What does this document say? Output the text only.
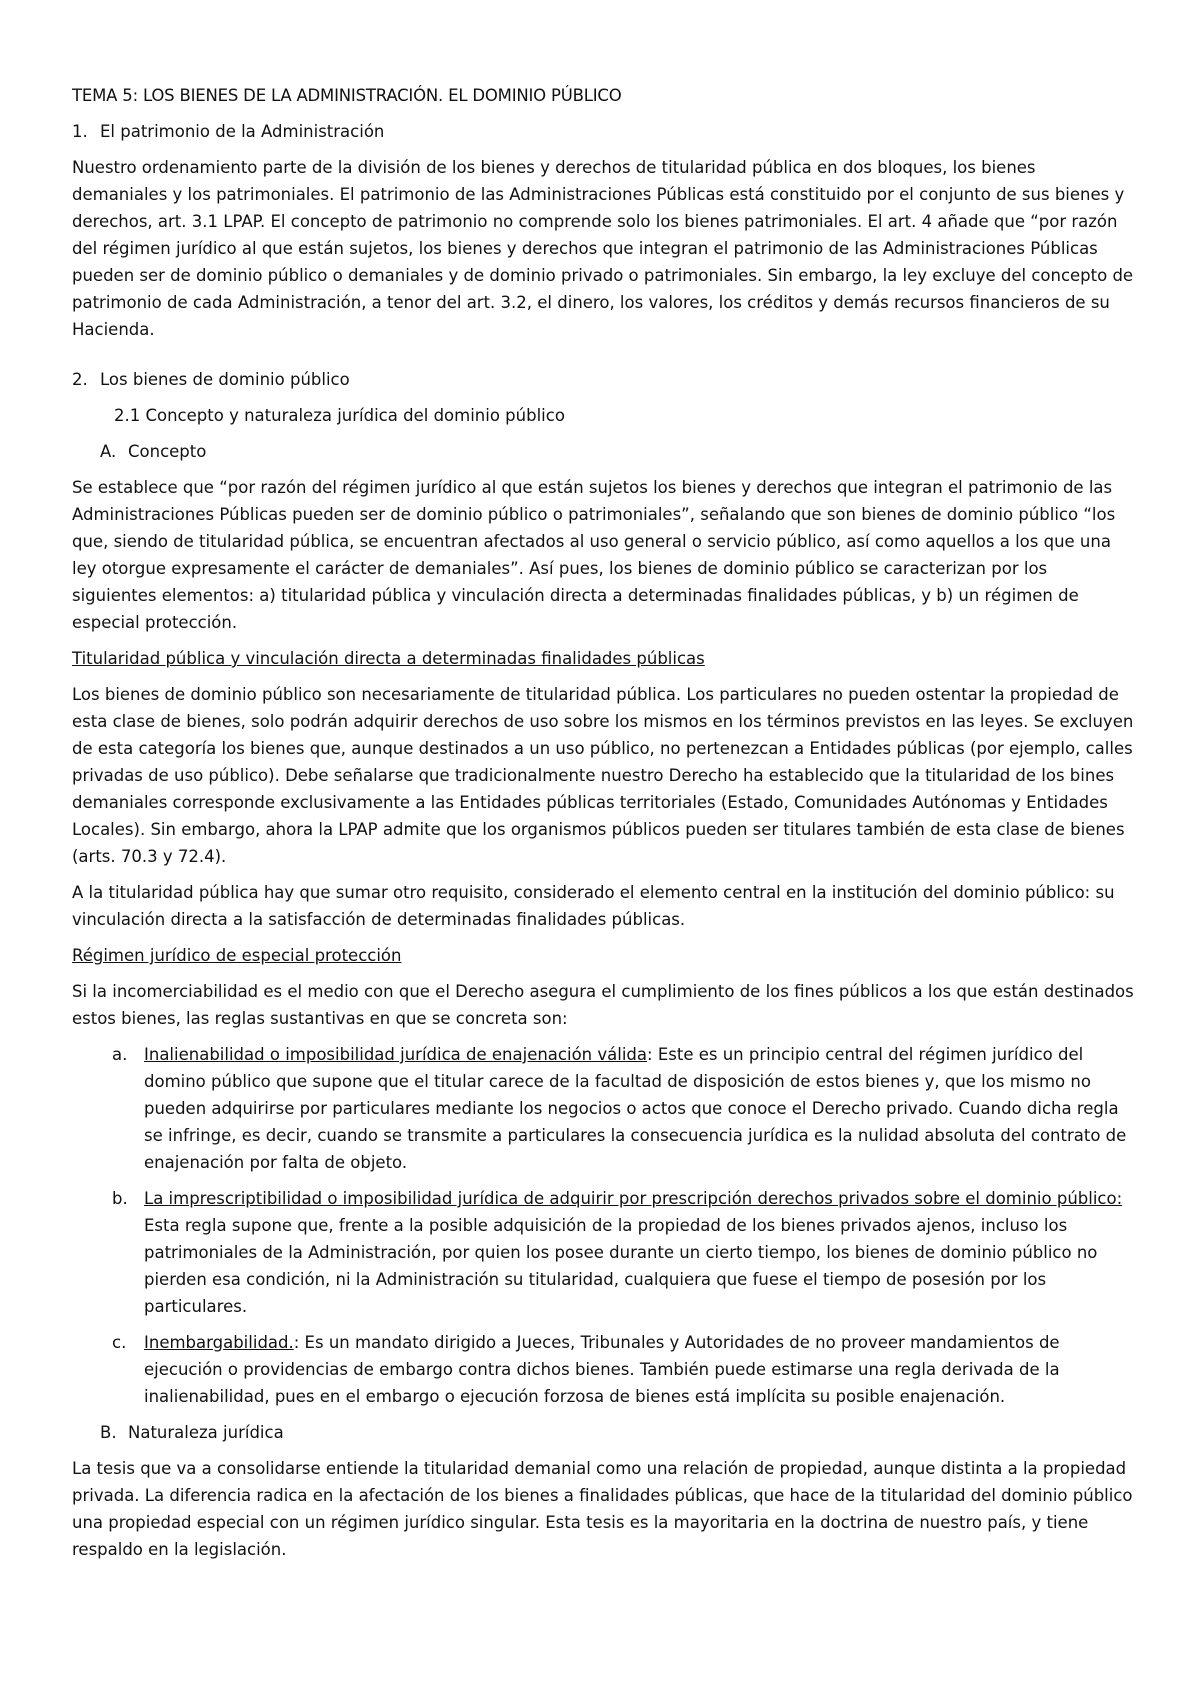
TEMA 5: LOS BIENES DE LA ADMINISTRACIÓN. EL DOMINIO PÚBLICO
1. El patrimonio de la Administración

Nuestro ordenamiento parte de la división de los bienes y derechos de titularidad pública en dos bloques, los bienes demaniales y los patrimoniales. El patrimonio de las Administraciones Públicas está constituido por el conjunto de sus bienes y derechos, art. 3.1 LPAP. El concepto de patrimonio no comprende solo los bienes patrimoniales. El art. 4 añade que “por razón del régimen jurídico al que están sujetos, los bienes y derechos que integran el patrimonio de las Administraciones Públicas pueden ser de dominio público o demaniales y de dominio privado o patrimoniales. Sin embargo, la ley excluye del concepto de patrimonio de cada Administración, a tenor del art. 3.2, el dinero, los valores, los créditos y demás recursos financieros de su Hacienda.

2. Los bienes de dominio público
2.1 Concepto y naturaleza jurídica del dominio público
A. Concepto

Se establece que “por razón del régimen jurídico al que están sujetos los bienes y derechos que integran el patrimonio de las Administraciones Públicas pueden ser de dominio público o patrimoniales”, señalando que son bienes de dominio público “los que, siendo de titularidad pública, se encuentran afectados al uso general o servicio público, así como aquellos a los que una ley otorgue expresamente el carácter de demaniales”. Así pues, los bienes de dominio público se caracterizan por los siguientes elementos: a) titularidad pública y vinculación directa a determinadas finalidades públicas, y b) un régimen de especial protección.

Titularidad pública y vinculación directa a determinadas finalidades públicas

Los bienes de dominio público son necesariamente de titularidad pública. Los particulares no pueden ostentar la propiedad de esta clase de bienes, solo podrán adquirir derechos de uso sobre los mismos en los términos previstos en las leyes. Se excluyen de esta categoría los bienes que, aunque destinados a un uso público, no pertenezcan a Entidades públicas (por ejemplo, calles privadas de uso público). Debe señalarse que tradicionalmente nuestro Derecho ha establecido que la titularidad de los bines demaniales corresponde exclusivamente a las Entidades públicas territoriales (Estado, Comunidades Autónomas y Entidades Locales). Sin embargo, ahora la LPAP admite que los organismos públicos pueden ser titulares también de esta clase de bienes (arts. 70.3 y 72.4).

A la titularidad pública hay que sumar otro requisito, considerado el elemento central en la institución del dominio público: su vinculación directa a la satisfacción de determinadas finalidades públicas.

Régimen jurídico de especial protección

Si la incomerciabilidad es el medio con que el Derecho asegura el cumplimiento de los fines públicos a los que están destinados estos bienes, las reglas sustantivas en que se concreta son:

a. Inalienabilidad o imposibilidad jurídica de enajenación válida: Este es un principio central del régimen jurídico del domino público que supone que el titular carece de la facultad de disposición de estos bienes y, que los mismo no pueden adquirirse por particulares mediante los negocios o actos que conoce el Derecho privado. Cuando dicha regla se infringe, es decir, cuando se transmite a particulares la consecuencia jurídica es la nulidad absoluta del contrato de enajenación por falta de objeto.
b. La imprescriptibilidad o imposibilidad jurídica de adquirir por prescripción derechos privados sobre el dominio público: Esta regla supone que, frente a la posible adquisición de la propiedad de los bienes privados ajenos, incluso los patrimoniales de la Administración, por quien los posee durante un cierto tiempo, los bienes de dominio público no pierden esa condición, ni la Administración su titularidad, cualquiera que fuese el tiempo de posesión por los particulares.
c. Inembargabilidad.: Es un mandato dirigido a Jueces, Tribunales y Autoridades de no proveer mandamientos de ejecución o providencias de embargo contra dichos bienes. También puede estimarse una regla derivada de la inalienabilidad, pues en el embargo o ejecución forzosa de bienes está implícita su posible enajenación.
B. Naturaleza jurídica

La tesis que va a consolidarse entiende la titularidad demanial como una relación de propiedad, aunque distinta a la propiedad privada. La diferencia radica en la afectación de los bienes a finalidades públicas, que hace de la titularidad del dominio público una propiedad especial con un régimen jurídico singular. Esta tesis es la mayoritaria en la doctrina de nuestro país, y tiene respaldo en la legislación.
